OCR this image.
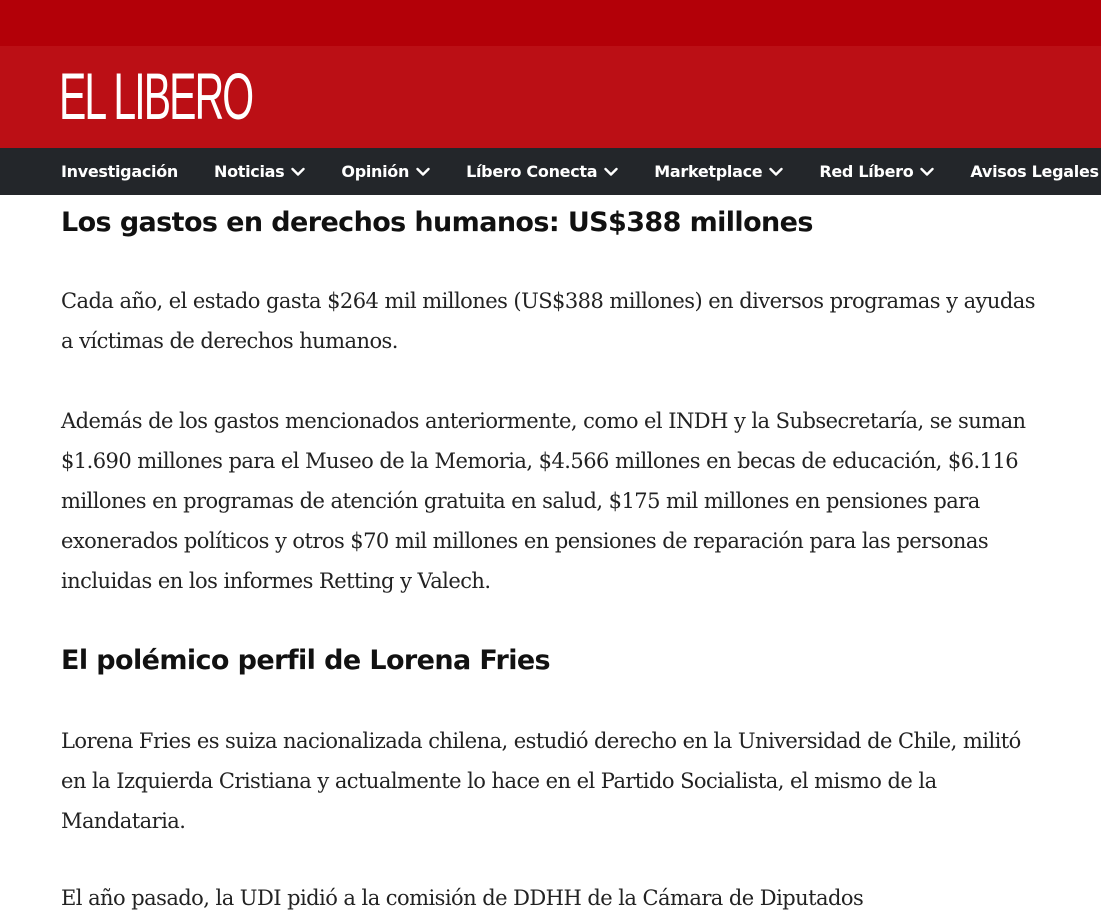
EL LIBERO
Investigación Noticias	Opinión	Líbero Conecta	Marketplace	Red Líbero	Avisos Legales
Los gastos en derechos humanos: US$388 millones

Cada año, el estado gasta $264 mil millones (US$388 millones) en diversos programas y ayudas a víctimas de derechos humanos.

Además de los gastos mencionados anteriormente, como el INDH y la Subsecretaría, se suman $1.690 millones para el Museo de la Memoria, $4.566 millones en becas de educación, $6.116 millones en programas de atención gratuita en salud, $175 mil millones en pensiones para exonerados políticos y otros $70 mil millones en pensiones de reparación para las personas incluidas en los informes Retting y Valech.

El polémico perfil de Lorena Fries

Lorena Fries es suiza nacionalizada chilena, estudió derecho en la Universidad de Chile, militó en la Izquierda Cristiana y actualmente lo hace en el Partido Socialista, el mismo de la Mandataria.

El año pasado, la UDI pidió a la comisión de DDHH de la Cámara de Diputados
